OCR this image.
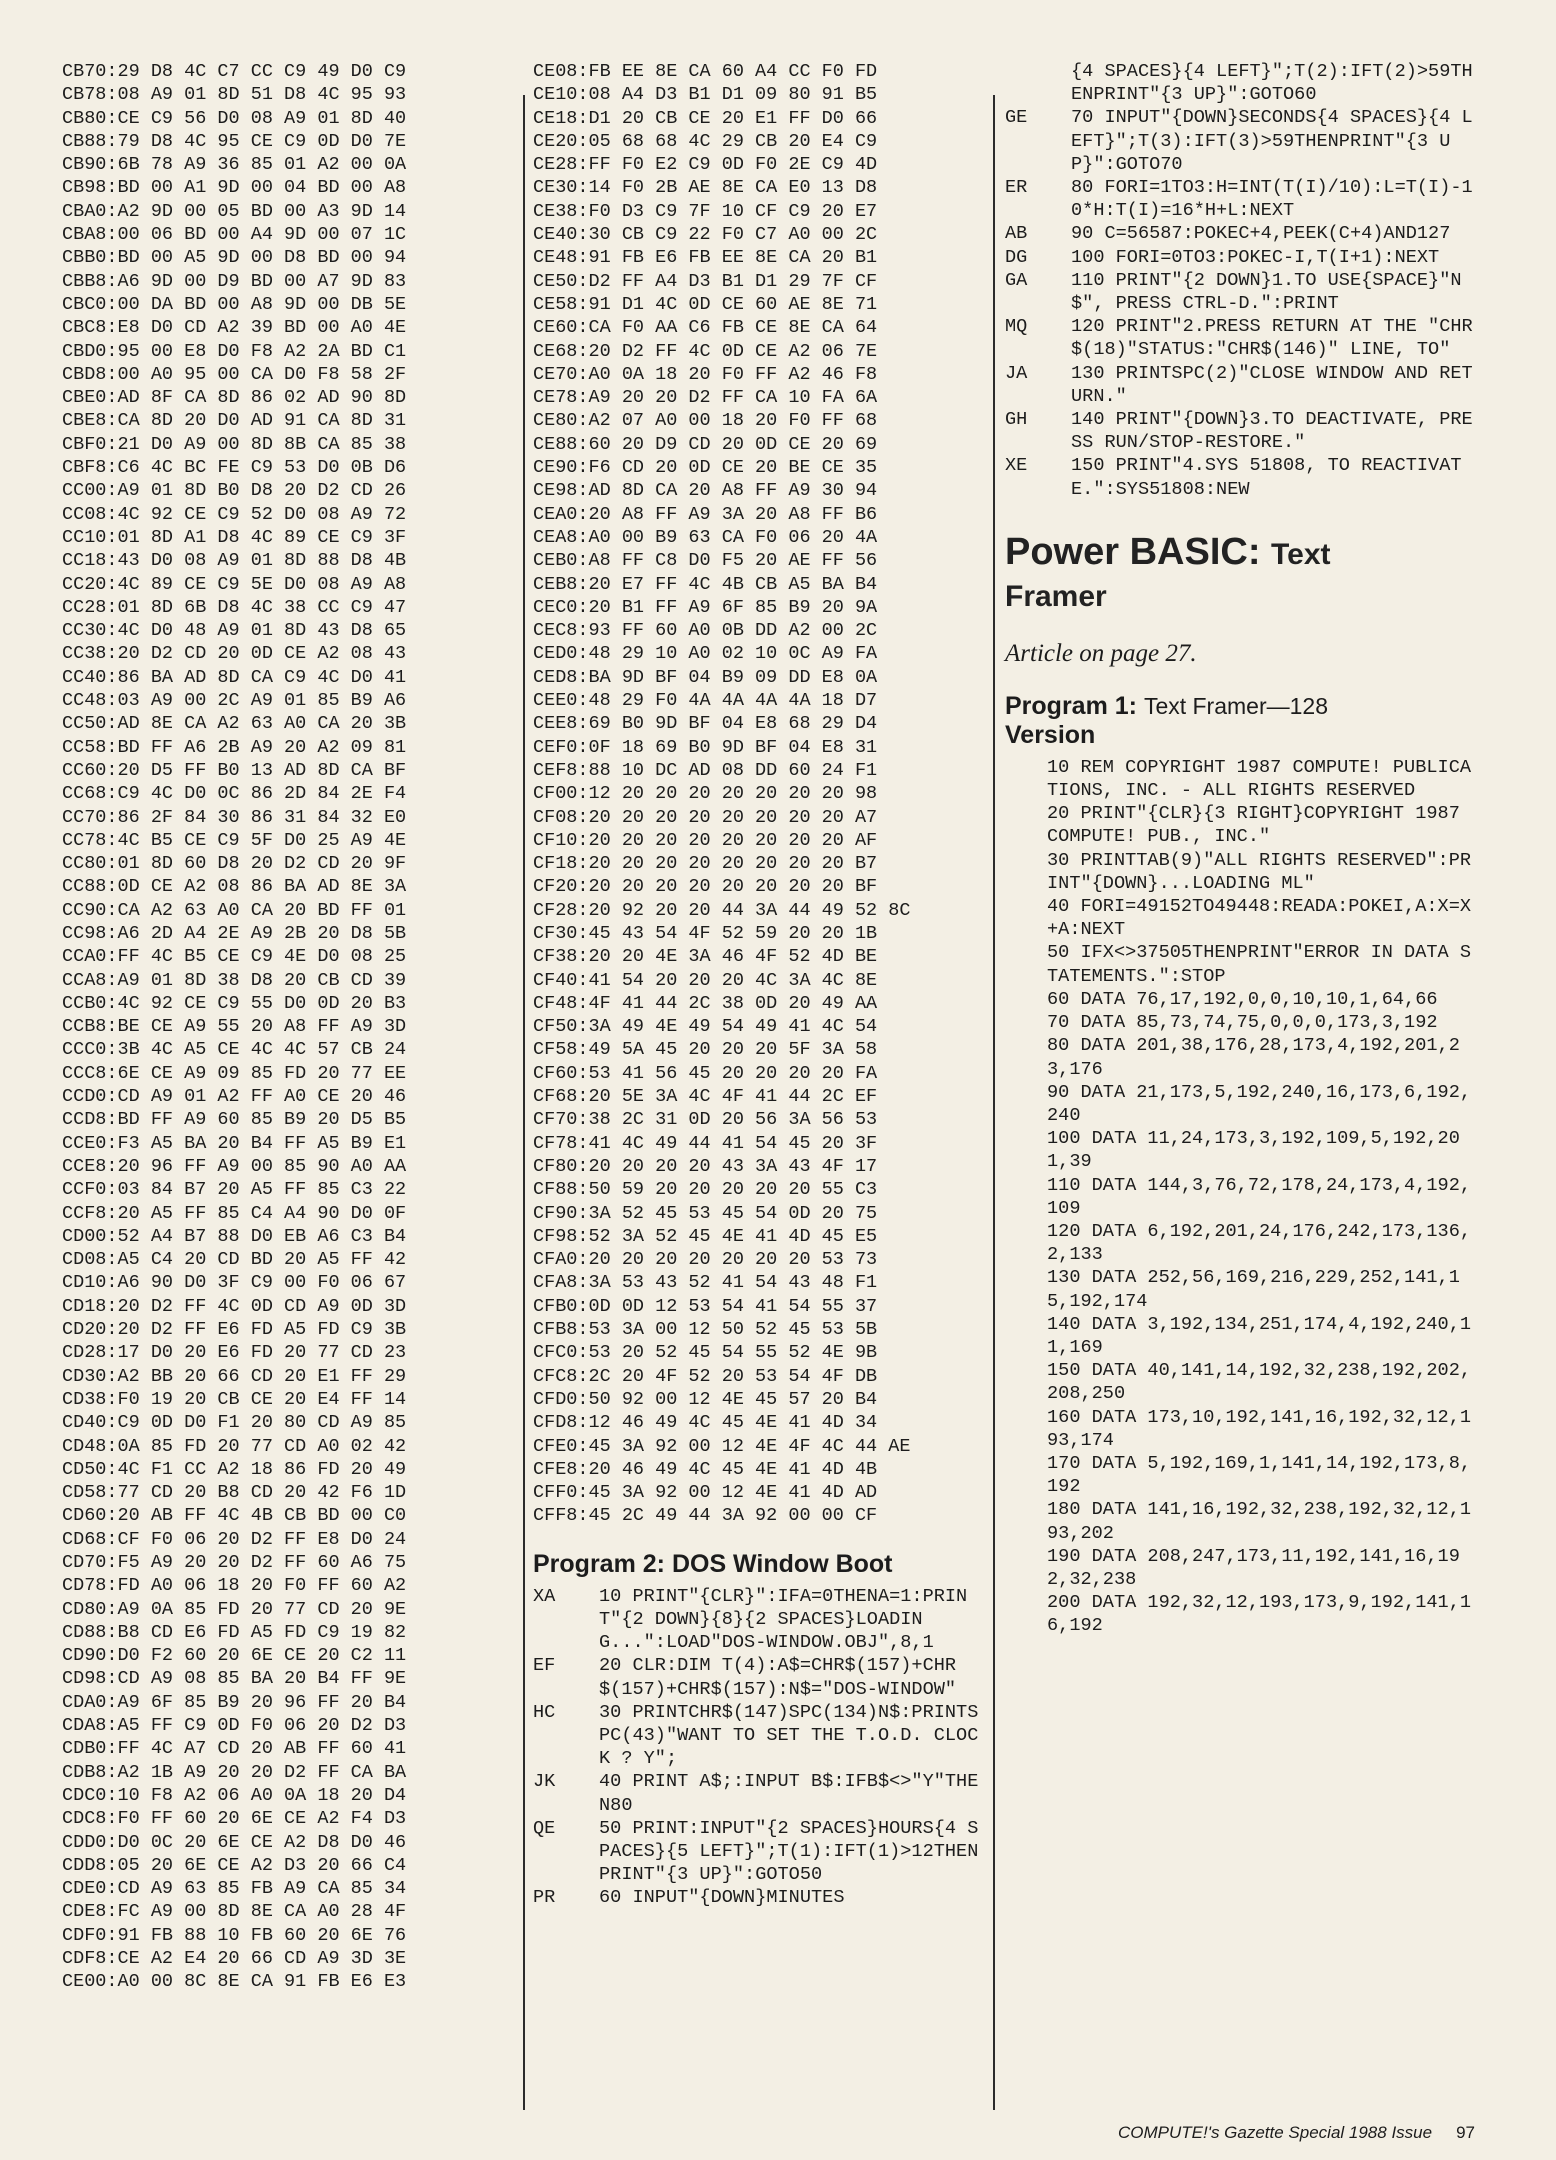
CB70:29 D8 4C C7 CC C9 49 D0 C9
CB78:08 A9 01 8D 51 D8 4C 95 93
CB80:CE C9 56 D0 08 A9 01 8D 40
CB88:79 D8 4C 95 CE C9 0D D0 7E
CB90:6B 78 A9 36 85 01 A2 00 0A
CB98:BD 00 A1 9D 00 04 BD 00 A8
CBA0:A2 9D 00 05 BD 00 A3 9D 14
CBA8:00 06 BD 00 A4 9D 00 07 1C
CBB0:BD 00 A5 9D 00 D8 BD 00 94
CBB8:A6 9D 00 D9 BD 00 A7 9D 83
CBC0:00 DA BD 00 A8 9D 00 DB 5E
CBC8:E8 D0 CD A2 39 BD 00 A0 4E
CBD0:95 00 E8 D0 F8 A2 2A BD C1
CBD8:00 A0 95 00 CA D0 F8 58 2F
CBE0:AD 8F CA 8D 86 02 AD 90 8D
CBE8:CA 8D 20 D0 AD 91 CA 8D 31
CBF0:21 D0 A9 00 8D 8B CA 85 38
CBF8:C6 4C BC FE C9 53 D0 0B D6
CC00:A9 01 8D B0 D8 20 D2 CD 26
CC08:4C 92 CE C9 52 D0 08 A9 72
CC10:01 8D A1 D8 4C 89 CE C9 3F
CC18:43 D0 08 A9 01 8D 88 D8 4B
CC20:4C 89 CE C9 5E D0 08 A9 A8
CC28:01 8D 6B D8 4C 38 CC C9 47
CC30:4C D0 48 A9 01 8D 43 D8 65
CC38:20 D2 CD 20 0D CE A2 08 43
CC40:86 BA AD 8D CA C9 4C D0 41
CC48:03 A9 00 2C A9 01 85 B9 A6
CC50:AD 8E CA A2 63 A0 CA 20 3B
CC58:BD FF A6 2B A9 20 A2 09 81
CC60:20 D5 FF B0 13 AD 8D CA BF
CC68:C9 4C D0 0C 86 2D 84 2E F4
CC70:86 2F 84 30 86 31 84 32 E0
CC78:4C B5 CE C9 5F D0 25 A9 4E
CC80:01 8D 60 D8 20 D2 CD 20 9F
CC88:0D CE A2 08 86 BA AD 8E 3A
CC90:CA A2 63 A0 CA 20 BD FF 01
CC98:A6 2D A4 2E A9 2B 20 D8 5B
CCA0:FF 4C B5 CE C9 4E D0 08 25
CCA8:A9 01 8D 38 D8 20 CB CD 39
CCB0:4C 92 CE C9 55 D0 0D 20 B3
CCB8:BE CE A9 55 20 A8 FF A9 3D
CCC0:3B 4C A5 CE 4C 4C 57 CB 24
CCC8:6E CE A9 09 85 FD 20 77 EE
CCD0:CD A9 01 A2 FF A0 CE 20 46
CCD8:BD FF A9 60 85 B9 20 D5 B5
CCE0:F3 A5 BA 20 B4 FF A5 B9 E1
CCE8:20 96 FF A9 00 85 90 A0 AA
CCF0:03 84 B7 20 A5 FF 85 C3 22
CCF8:20 A5 FF 85 C4 A4 90 D0 0F
CD00:52 A4 B7 88 D0 EB A6 C3 B4
CD08:A5 C4 20 CD BD 20 A5 FF 42
CD10:A6 90 D0 3F C9 00 F0 06 67
CD18:20 D2 FF 4C 0D CD A9 0D 3D
CD20:20 D2 FF E6 FD A5 FD C9 3B
CD28:17 D0 20 E6 FD 20 77 CD 23
CD30:A2 BB 20 66 CD 20 E1 FF 29
CD38:F0 19 20 CB CE 20 E4 FF 14
CD40:C9 0D D0 F1 20 80 CD A9 85
CD48:0A 85 FD 20 77 CD A0 02 42
CD50:4C F1 CC A2 18 86 FD 20 49
CD58:77 CD 20 B8 CD 20 42 F6 1D
CD60:20 AB FF 4C 4B CB BD 00 C0
CD68:CF F0 06 20 D2 FF E8 D0 24
CD70:F5 A9 20 20 D2 FF 60 A6 75
CD78:FD A0 06 18 20 F0 FF 60 A2
CD80:A9 0A 85 FD 20 77 CD 20 9E
CD88:B8 CD E6 FD A5 FD C9 19 82
CD90:D0 F2 60 20 6E CE 20 C2 11
CD98:CD A9 08 85 BA 20 B4 FF 9E
CDA0:A9 6F 85 B9 20 96 FF 20 B4
CDA8:A5 FF C9 0D F0 06 20 D2 D3
CDB0:FF 4C A7 CD 20 AB FF 60 41
CDB8:A2 1B A9 20 20 D2 FF CA BA
CDC0:10 F8 A2 06 A0 0A 18 20 D4
CDC8:F0 FF 60 20 6E CE A2 F4 D3
CDD0:D0 0C 20 6E CE A2 D8 D0 46
CDD8:05 20 6E CE A2 D3 20 66 C4
CDE0:CD A9 63 85 FB A9 CA 85 34
CDE8:FC A9 00 8D 8E CA A0 28 4F
CDF0:91 FB 88 10 FB 60 20 6E 76
CDF8:CE A2 E4 20 66 CD A9 3D 3E
CE00:A0 00 8C 8E CA 91 FB E6 E3
CE08:FB EE 8E CA 60 A4 CC F0 FD
CE10:08 A4 D3 B1 D1 09 80 91 B5
CE18:D1 20 CB CE 20 E1 FF D0 66
CE20:05 68 68 4C 29 CB 20 E4 C9
CE28:FF F0 E2 C9 0D F0 2E C9 4D
CE30:14 F0 2B AE 8E CA E0 13 D8
CE38:F0 D3 C9 7F 10 CF C9 20 E7
CE40:30 CB C9 22 F0 C7 A0 00 2C
CE48:91 FB E6 FB EE 8E CA 20 B1
CE50:D2 FF A4 D3 B1 D1 29 7F CF
CE58:91 D1 4C 0D CE 60 AE 8E 71
CE60:CA F0 AA C6 FB CE 8E CA 64
CE68:20 D2 FF 4C 0D CE A2 06 7E
CE70:A0 0A 18 20 F0 FF A2 46 F8
CE78:A9 20 20 D2 FF CA 10 FA 6A
CE80:A2 07 A0 00 18 20 F0 FF 68
CE88:60 20 D9 CD 20 0D CE 20 69
CE90:F6 CD 20 0D CE 20 BE CE 35
CE98:AD 8D CA 20 A8 FF A9 30 94
CEA0:20 A8 FF A9 3A 20 A8 FF B6
CEA8:A0 00 B9 63 CA F0 06 20 4A
CEB0:A8 FF C8 D0 F5 20 AE FF 56
CEB8:20 E7 FF 4C 4B CB A5 BA B4
CEC0:20 B1 FF A9 6F 85 B9 20 9A
CEC8:93 FF 60 A0 0B DD A2 00 2C
CED0:48 29 10 A0 02 10 0C A9 FA
CED8:BA 9D BF 04 B9 09 DD E8 0A
CEE0:48 29 F0 4A 4A 4A 4A 18 D7
CEE8:69 B0 9D BF 04 E8 68 29 D4
CEF0:0F 18 69 B0 9D BF 04 E8 31
CEF8:88 10 DC AD 08 DD 60 24 F1
CF00:12 20 20 20 20 20 20 20 98
CF08:20 20 20 20 20 20 20 20 A7
CF10:20 20 20 20 20 20 20 20 AF
CF18:20 20 20 20 20 20 20 20 B7
CF20:20 20 20 20 20 20 20 20 BF
CF28:20 92 20 20 44 3A 44 49 52 8C
CF30:45 43 54 4F 52 59 20 20 1B
CF38:20 20 4E 3A 46 4F 52 4D BE
CF40:41 54 20 20 20 4C 3A 4C 8E
CF48:4F 41 44 2C 38 0D 20 49 AA
CF50:3A 49 4E 49 54 49 41 4C 54
CF58:49 5A 45 20 20 20 5F 3A 58
CF60:53 41 56 45 20 20 20 20 FA
CF68:20 5E 3A 4C 4F 41 44 2C EF
CF70:38 2C 31 0D 20 56 3A 56 53
CF78:41 4C 49 44 41 54 45 20 3F
CF80:20 20 20 20 43 3A 43 4F 17
CF88:50 59 20 20 20 20 20 55 C3
CF90:3A 52 45 53 45 54 0D 20 75
CF98:52 3A 52 45 4E 41 4D 45 E5
CFA0:20 20 20 20 20 20 20 53 73
CFA8:3A 53 43 52 41 54 43 48 F1
CFB0:0D 0D 12 53 54 41 54 55 37
CFB8:53 3A 00 12 50 52 45 53 5B
CFC0:53 20 52 45 54 55 52 4E 9B
CFC8:2C 20 4F 52 20 53 54 4F DB
CFD0:50 92 00 12 4E 45 57 20 B4
CFD8:12 46 49 4C 45 4E 41 4D 34
CFE0:45 3A 92 00 12 4E 4F 4C 44 AE
CFE8:20 46 49 4C 45 4E 41 4D 4B
CFF0:45 3A 92 00 12 4E 41 4D AD
CFF8:45 2C 49 44 3A 92 00 00 CF
Program 2: DOS Window Boot
XA 10 PRINT"{CLR}":IFA=0THENA=1:PRINT"{2 DOWN}{8}{2 SPACES}LOADING...":LOAD"DOS-WINDOW.OBJ",8,1
EF 20 CLR:DIM T(4):A$=CHR$(157)+CHR$(157)+CHR$(157):N$="DOS-WINDOW"
HC 30 PRINTCHR$(147)SPC(134)N$:PRINTSPC(43)"WANT TO SET THE T.O.D. CLOCK ? Y";
JK 40 PRINT A$;:INPUT B$:IFB$<>"Y"THEN80
QE 50 PRINT:INPUT"{2 SPACES}HOURS{4 SPACES}{5 LEFT}";T(1):IFT(1)>12THENPRINT"{3 UP}":GOTO50
PR 60 INPUT"{DOWN}MINUTES
{4 SPACES}{4 LEFT}";T(2):IFT(2)>59THENPRINT"{3 UP}":GOTO60
GE 70 INPUT"{DOWN}SECONDS{4 SPACES}{4 LEFT}";T(3):IFT(3)>59THENPRINT"{3 UP}":GOTO70
ER 80 FORI=1TO3:H=INT(T(I)/10):L=T(I)-10*H:T(I)=16*H+L:NEXT
AB 90 C=56587:POKEC+4,PEEK(C+4)AND127
DG 100 FORI=0TO3:POKEC-I,T(I+1):NEXT
GA 110 PRINT"{2 DOWN}1.TO USE{SPACE}"N$", PRESS CTRL-D.":PRINT
MQ 120 PRINT"2.PRESS RETURN AT THE "CHR$(18)"STATUS:"CHR$(146)" LINE, TO"
JA 130 PRINTSPC(2)"CLOSE WINDOW AND RETURN."
GH 140 PRINT"{DOWN}3.TO DEACTIVATE, PRESS RUN/STOP-RESTORE."
XE 150 PRINT"4.SYS 51808, TO REACTIVATE.":SYS51808:NEW
Power BASIC: Text
Framer
Article on page 27.
Program 1: Text Framer—128
Version
10 REM COPYRIGHT 1987 COMPUTE! PUBLICATIONS, INC. - ALL RIGHTS RESERVED
20 PRINT"{CLR}{3 RIGHT}COPYRIGHT 1987 COMPUTE! PUB., INC."
30 PRINTTAB(9)"ALL RIGHTS RESERVED":PRINT"{DOWN}...LOADING ML"
40 FORI=49152TO49448:READA:POKEI,A:X=X+A:NEXT
50 IFX<>37505THENPRINT"ERROR IN DATA STATEMENTS.":STOP
60 DATA 76,17,192,0,0,10,10,1,64,66
70 DATA 85,73,74,75,0,0,0,173,3,192
80 DATA 201,38,176,28,173,4,192,201,23,176
90 DATA 21,173,5,192,240,16,173,6,192,240
100 DATA 11,24,173,3,192,109,5,192,201,39
110 DATA 144,3,76,72,178,24,173,4,192,109
120 DATA 6,192,201,24,176,242,173,136,2,133
130 DATA 252,56,169,216,229,252,141,15,192,174
140 DATA 3,192,134,251,174,4,192,240,11,169
150 DATA 40,141,14,192,32,238,192,202,208,250
160 DATA 173,10,192,141,16,192,32,12,193,174
170 DATA 5,192,169,1,141,14,192,173,8,192
180 DATA 141,16,192,32,238,192,32,12,193,202
190 DATA 208,247,173,11,192,141,16,192,32,238
200 DATA 192,32,12,193,173,9,192,141,16,192
COMPUTE!'s Gazette Special 1988 Issue 97
